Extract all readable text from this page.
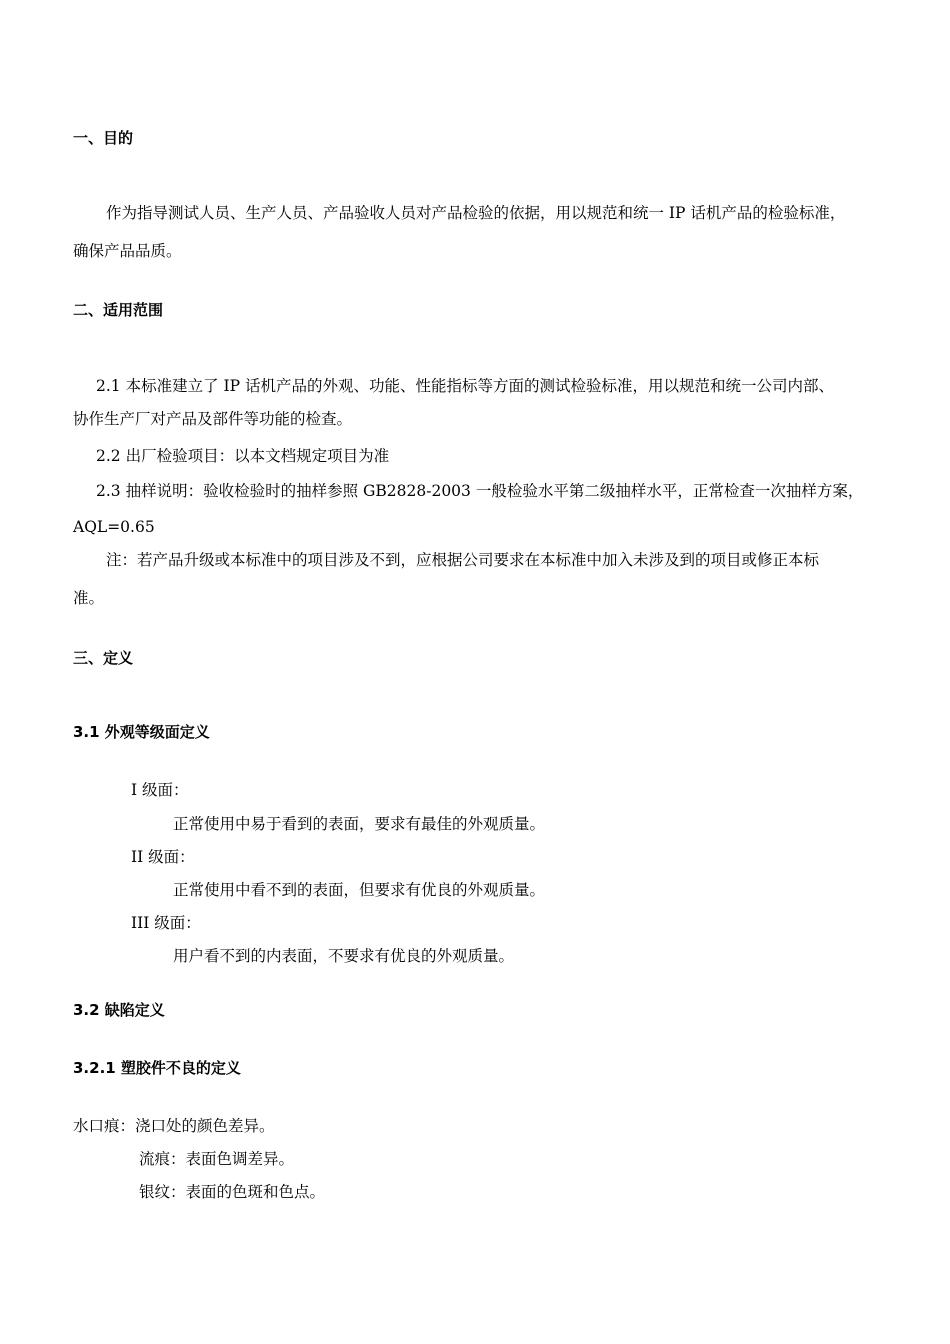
一、目的
作为指导测试人员、生产人员、产品验收人员对产品检验的依据，用以规范和统一 IP 话机产品的检验标准，
确保产品品质。
二、适用范围
2.1 本标准建立了 IP 话机产品的外观、功能、性能指标等方面的测试检验标准，用以规范和统一公司内部、
协作生产厂对产品及部件等功能的检查。
2.2 出厂检验项目：以本文档规定项目为准
2.3 抽样说明：验收检验时的抽样参照 GB2828-2003 一般检验水平第二级抽样水平，正常检查一次抽样方案，
AQL=0.65
注：若产品升级或本标准中的项目涉及不到，应根据公司要求在本标准中加入未涉及到的项目或修正本标
准。
三、定义
3.1 外观等级面定义
I 级面：
正常使用中易于看到的表面，要求有最佳的外观质量。
II 级面：
正常使用中看不到的表面，但要求有优良的外观质量。
III 级面：
用户看不到的内表面，不要求有优良的外观质量。
3.2 缺陷定义
3.2.1 塑胶件不良的定义
水口痕：浇口处的颜色差异。
流痕：表面色调差异。
银纹：表面的色斑和色点。
